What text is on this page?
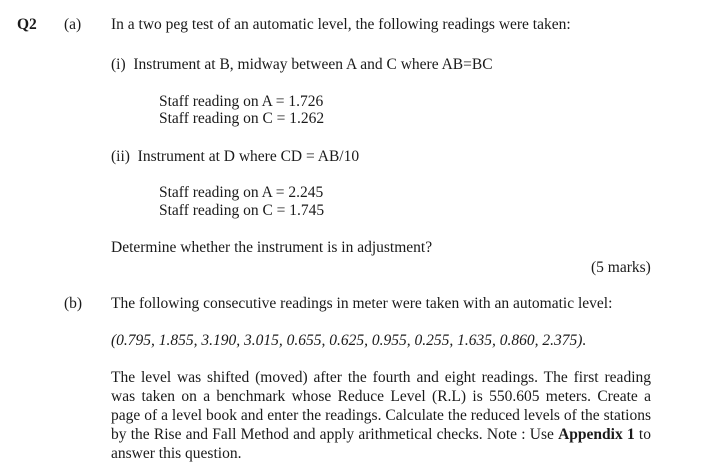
Q2 (a) In a two peg test of an automatic level, the following readings were taken:
(i)  Instrument at B, midway between A and C where AB=BC
Staff reading on A = 1.726
Staff reading on C = 1.262
(ii)  Instrument at D where CD = AB/10
Staff reading on A = 2.245
Staff reading on C = 1.745
Determine whether the instrument is in adjustment?
(5 marks)
(b) The following consecutive readings in meter were taken with an automatic level:
(0.795, 1.855, 3.190, 3.015, 0.655, 0.625, 0.955, 0.255, 1.635, 0.860, 2.375).
The level was shifted (moved) after the fourth and eight readings. The first reading was taken on a benchmark whose Reduce Level (R.L) is 550.605 meters. Create a page of a level book and enter the readings. Calculate the reduced levels of the stations by the Rise and Fall Method and apply arithmetical checks. Note : Use Appendix 1 to answer this question.
